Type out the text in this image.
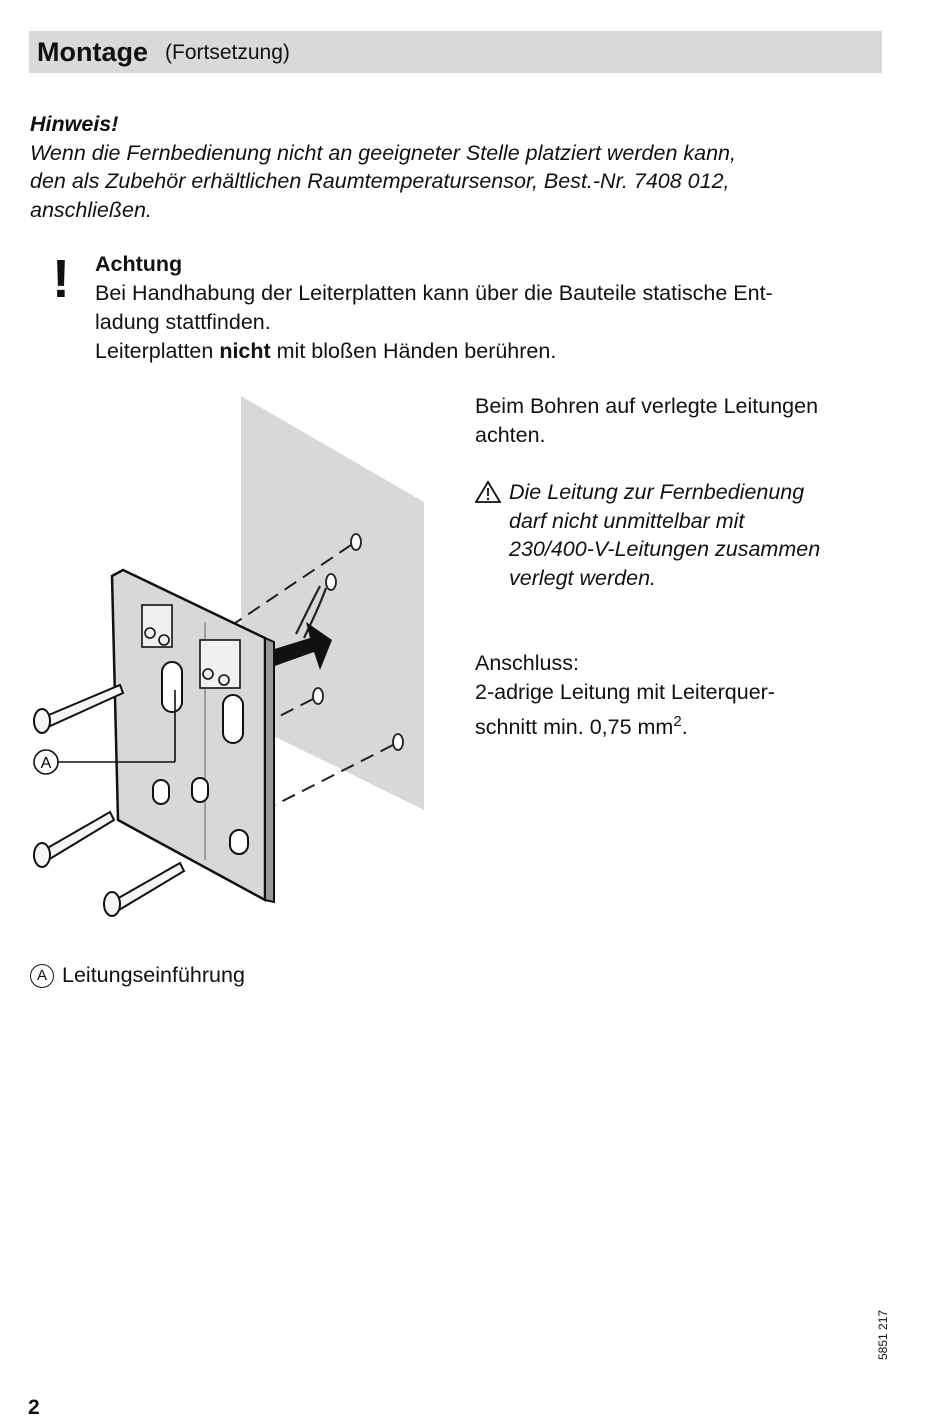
Montage (Fortsetzung)
Hinweis!
Wenn die Fernbedienung nicht an geeigneter Stelle platziert werden kann,
den als Zubehör erhältlichen Raumtemperatursensor, Best.-Nr. 7408 012,
anschließen.
! Achtung
Bei Handhabung der Leiterplatten kann über die Bauteile statische Ent-
ladung stattfinden.
Leiterplatten nicht mit bloßen Händen berühren.
A
Beim Bohren auf verlegte Leitungen
achten.
Die Leitung zur Fernbedienung
darf nicht unmittelbar mit
230/400-V-Leitungen zusammen
verlegt werden.
Anschluss:
2-adrige Leitung mit Leiterquer-
schnitt min. 0,75 $mm^2$.
A Leitungseinführung
5851 217
2
